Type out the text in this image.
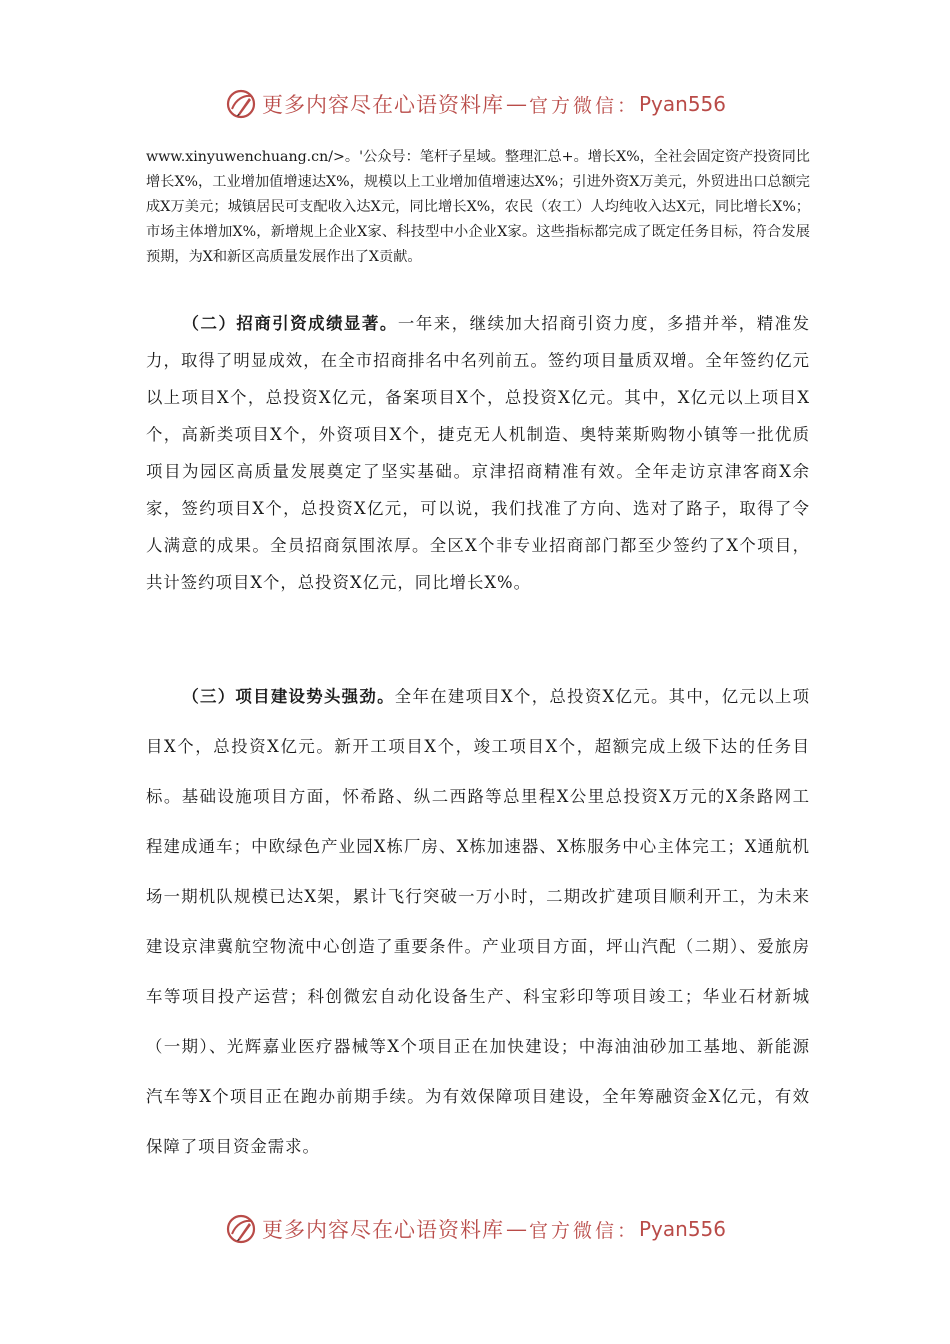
更多内容尽在心语资料库 — 官方微信： Pyan556

www.xinyuwenchuang.cn/>。'公众号：笔杆子星域。整理汇总+。增长X%，全社会固定资产投资同比增长X%，工业增加值增速达X%，规模以上工业增加值增速达X%；引进外资X万美元，外贸进出口总额完成X万美元；城镇居民可支配收入达X元，同比增长X%，农民（农工）人均纯收入达X元，同比增长X%；市场主体增加X%，新增规上企业X家、科技型中小企业X家。这些指标都完成了既定任务目标，符合发展预期，为X和新区高质量发展作出了X贡献。

（二）招商引资成绩显著。一年来，继续加大招商引资力度，多措并举，精准发力，取得了明显成效，在全市招商排名中名列前五。签约项目量质双增。全年签约亿元以上项目X个，总投资X亿元，备案项目X个，总投资X亿元。其中，X亿元以上项目X个，高新类项目X个，外资项目X个，捷克无人机制造、奥特莱斯购物小镇等一批优质项目为园区高质量发展奠定了坚实基础。京津招商精准有效。全年走访京津客商X余家，签约项目X个，总投资X亿元，可以说，我们找准了方向、选对了路子，取得了令人满意的成果。全员招商氛围浓厚。全区X个非专业招商部门都至少签约了X个项目，共计签约项目X个，总投资X亿元，同比增长X%。

（三）项目建设势头强劲。全年在建项目X个，总投资X亿元。其中，亿元以上项目X个，总投资X亿元。新开工项目X个，竣工项目X个，超额完成上级下达的任务目标。基础设施项目方面，怀希路、纵二西路等总里程X公里总投资X万元的X条路网工程建成通车；中欧绿色产业园X栋厂房、X栋加速器、X栋服务中心主体完工；X通航机场一期机队规模已达X架，累计飞行突破一万小时，二期改扩建项目顺利开工，为未来建设京津冀航空物流中心创造了重要条件。产业项目方面，坪山汽配（二期）、爱旅房车等项目投产运营；科创微宏自动化设备生产、科宝彩印等项目竣工；华业石材新城（一期）、光辉嘉业医疗器械等X个项目正在加快建设；中海油油砂加工基地、新能源汽车等X个项目正在跑办前期手续。为有效保障项目建设，全年筹融资金X亿元，有效保障了项目资金需求。

更多内容尽在心语资料库 — 官方微信： Pyan556
